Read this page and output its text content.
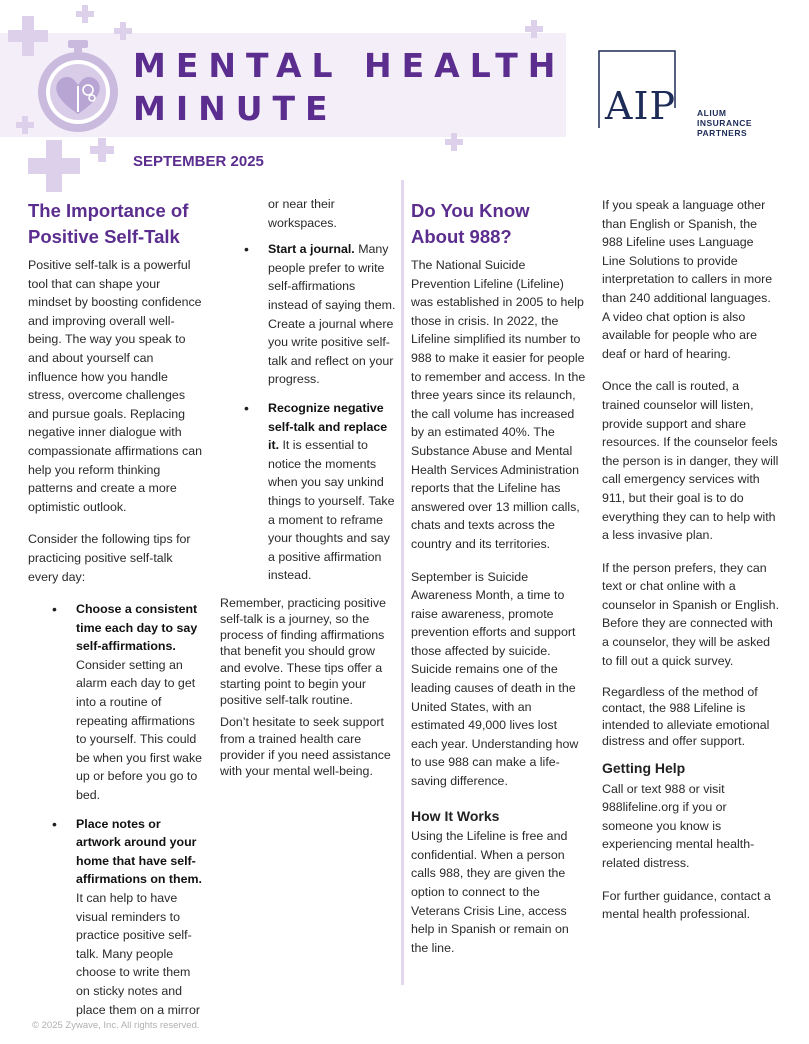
MENTAL HEALTH
MINUTE
SEPTEMBER 2025
AIP ALIUM
INSURANCE
PARTNERS
The Importance of Positive Self-Talk

Positive self-talk is a powerful tool that can shape your mindset by boosting confidence and improving overall well-being. The way you speak to and about yourself can influence how you handle stress, overcome challenges and pursue goals. Replacing negative inner dialogue with compassionate affirmations can help you reform thinking patterns and create a more optimistic outlook.

Consider the following tips for practicing positive self-talk every day:

• Choose a consistent time each day to say self-affirmations. Consider setting an alarm each day to get into a routine of repeating affirmations to yourself. This could be when you first wake up or before you go to bed.
• Place notes or artwork around your home that have self-affirmations on them. It can help to have visual reminders to practice positive self-talk. Many people choose to write them on sticky notes and place them on a mirror
or near their workspaces.
• Start a journal. Many people prefer to write self-affirmations instead of saying them. Create a journal where you write positive self-talk and reflect on your progress.
• Recognize negative self-talk and replace it. It is essential to notice the moments when you say unkind things to yourself. Take a moment to reframe your thoughts and say a positive affirmation instead.

Remember, practicing positive self-talk is a journey, so the process of finding affirmations that benefit you should grow and evolve. These tips offer a starting point to begin your positive self-talk routine.

Don’t hesitate to seek support from a trained health care provider if you need assistance with your mental well-being.

Do You Know About 988?

The National Suicide Prevention Lifeline (Lifeline) was established in 2005 to help those in crisis. In 2022, the Lifeline simplified its number to 988 to make it easier for people to remember and access. In the three years since its relaunch, the call volume has increased by an estimated 40%. The Substance Abuse and Mental Health Services Administration reports that the Lifeline has answered over 13 million calls, chats and texts across the country and its territories.

September is Suicide Awareness Month, a time to raise awareness, promote prevention efforts and support those affected by suicide. Suicide remains one of the leading causes of death in the United States, with an estimated 49,000 lives lost each year. Understanding how to use 988 can make a life-saving difference.

How It Works

Using the Lifeline is free and confidential. When a person calls 988, they are given the option to connect to the Veterans Crisis Line, access help in Spanish or remain on the line.

If you speak a language other than English or Spanish, the 988 Lifeline uses Language Line Solutions to provide interpretation to callers in more than 240 additional languages. A video chat option is also available for people who are deaf or hard of hearing.

Once the call is routed, a trained counselor will listen, provide support and share resources. If the counselor feels the person is in danger, they will call emergency services with 911, but their goal is to do everything they can to help with a less invasive plan.

If the person prefers, they can text or chat online with a counselor in Spanish or English. Before they are connected with a counselor, they will be asked to fill out a quick survey.

Regardless of the method of contact, the 988 Lifeline is intended to alleviate emotional distress and offer support.

Getting Help

Call or text 988 or visit 988lifeline.org if you or someone you know is experiencing mental health-related distress.

For further guidance, contact a mental health professional.

© 2025 Zywave, Inc. All rights reserved.
